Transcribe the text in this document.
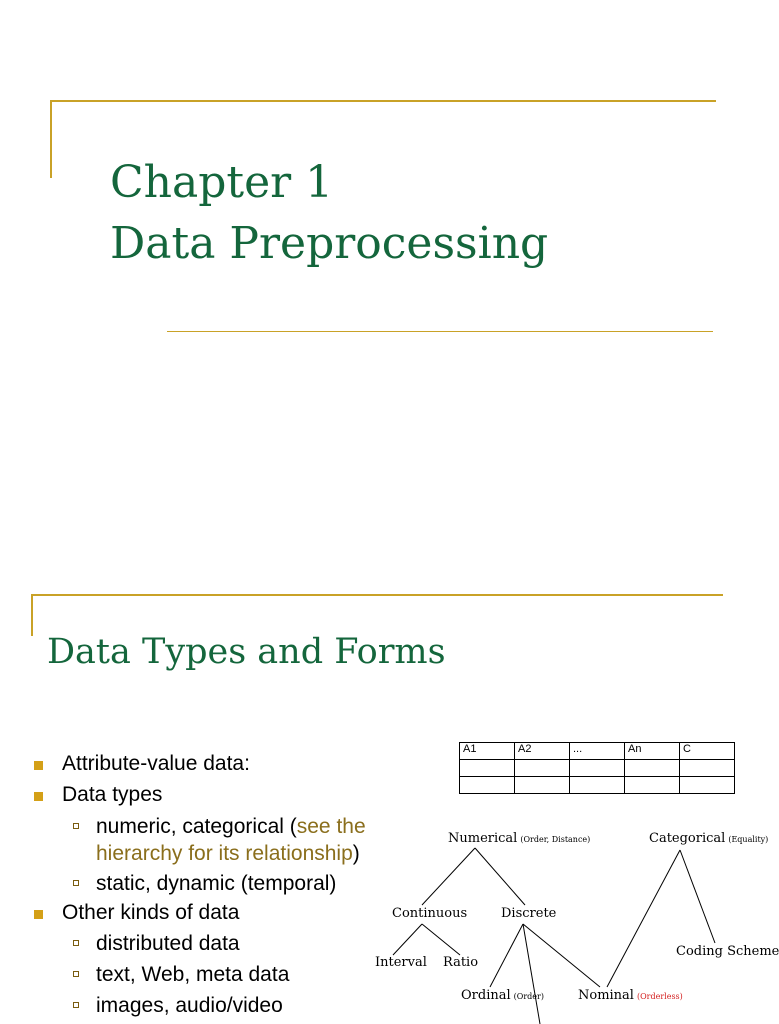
Chapter 1
Data Preprocessing
Data Types and Forms
Attribute-value data:
Data types
numeric, categorical (see the
hierarchy for its relationship)
static, dynamic (temporal)
Other kinds of data
distributed data
text, Web, meta data
images, audio/video
A1	A2	...	An	C

Numerical (Order, Distance)	Categorical (Equality)
Continuous	Discrete
Interval Ratio
Coding Scheme
Ordinal (Order)	Nominal (Orderless)
